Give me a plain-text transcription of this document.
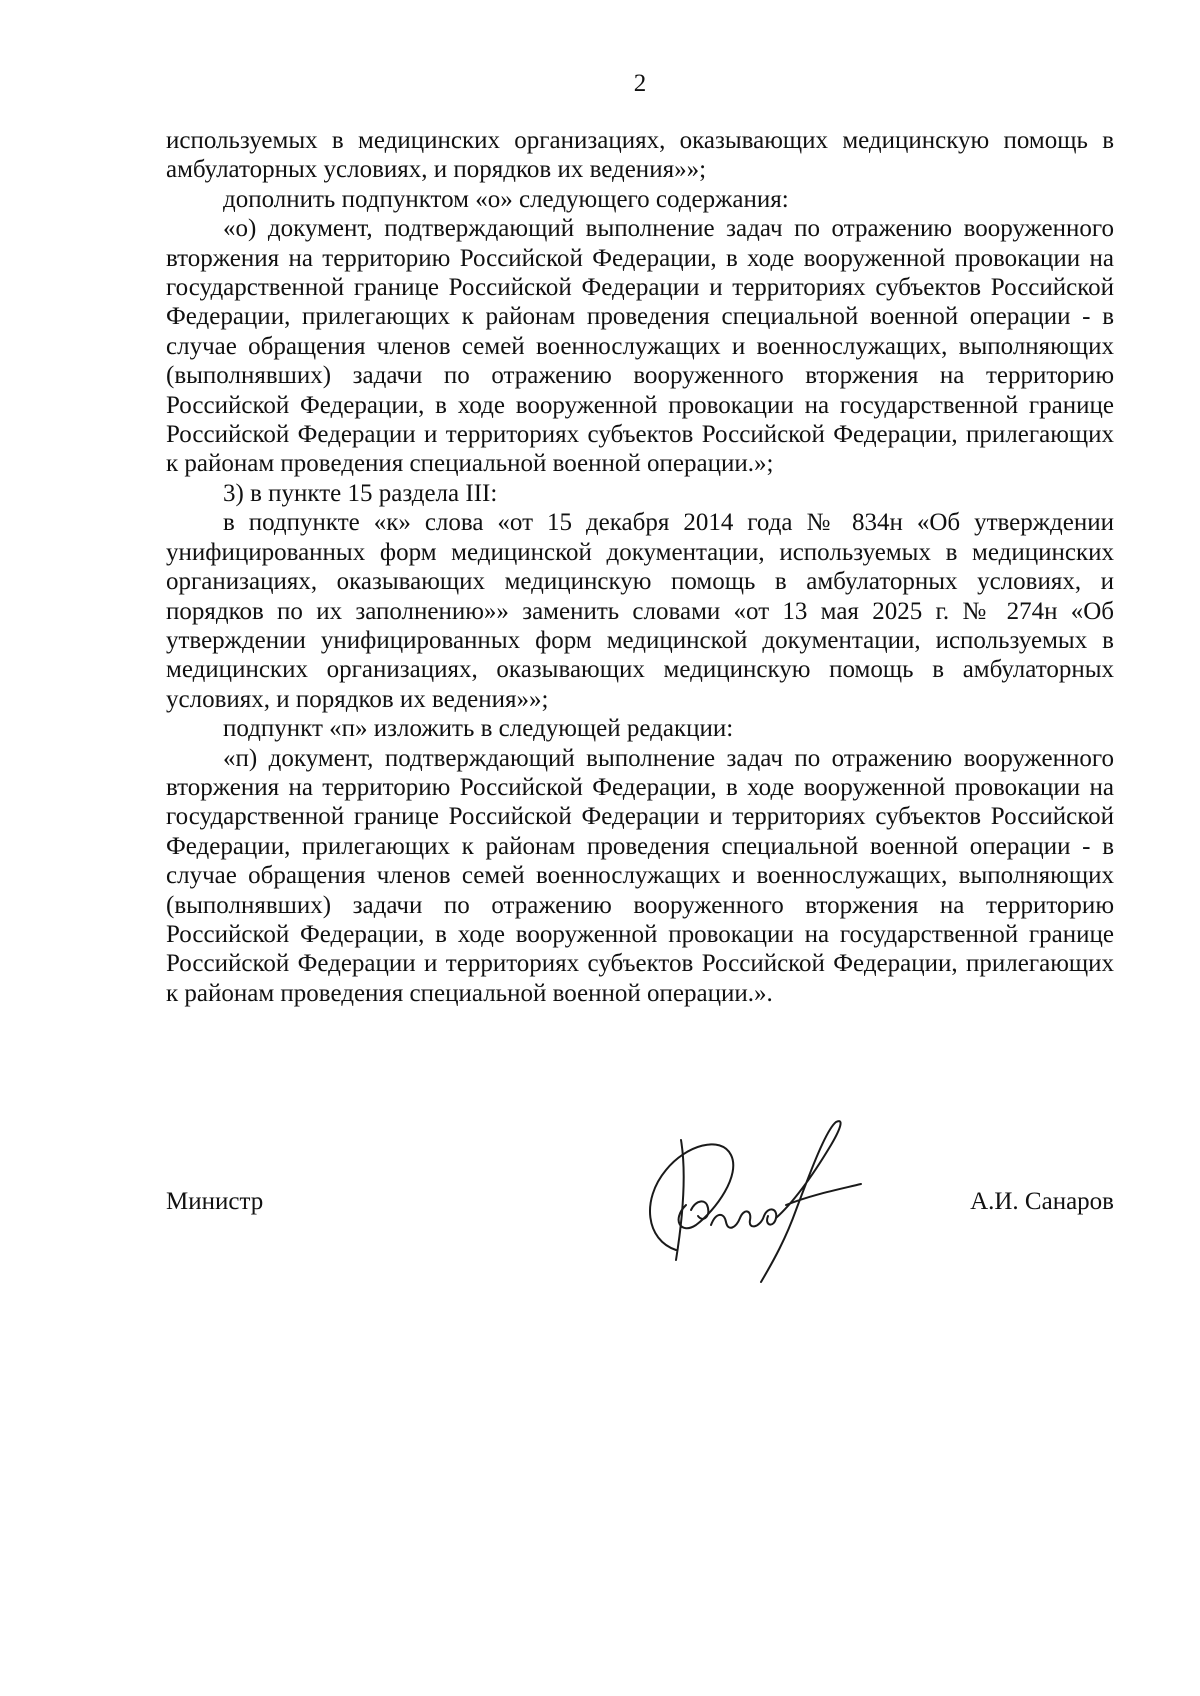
2

используемых в медицинских организациях, оказывающих медицинскую помощь в амбулаторных условиях, и порядков их ведения»»;

дополнить подпунктом «о» следующего содержания:

«о) документ, подтверждающий выполнение задач по отражению вооруженного вторжения на территорию Российской Федерации, в ходе вооруженной провокации на государственной границе Российской Федерации и территориях субъектов Российской Федерации, прилегающих к районам проведения специальной военной операции - в случае обращения членов семей военнослужащих и военнослужащих, выполняющих (выполнявших) задачи по отражению вооруженного вторжения на территорию Российской Федерации, в ходе вооруженной провокации на государственной границе Российской Федерации и территориях субъектов Российской Федерации, прилегающих к районам проведения специальной военной операции.»;

3) в пункте 15 раздела III:

в подпункте «к» слова «от 15 декабря 2014 года № 834н «Об утверждении унифицированных форм медицинской документации, используемых в медицинских организациях, оказывающих медицинскую помощь в амбулаторных условиях, и порядков по их заполнению»» заменить словами «от 13 мая 2025 г. № 274н «Об утверждении унифицированных форм медицинской документации, используемых в медицинских организациях, оказывающих медицинскую помощь в амбулаторных условиях, и порядков их ведения»»;

подпункт «п» изложить в следующей редакции:

«п) документ, подтверждающий выполнение задач по отражению вооруженного вторжения на территорию Российской Федерации, в ходе вооруженной провокации на государственной границе Российской Федерации и территориях субъектов Российской Федерации, прилегающих к районам проведения специальной военной операции - в случае обращения членов семей военнослужащих и военнослужащих, выполняющих (выполнявших) задачи по отражению вооруженного вторжения на территорию Российской Федерации, в ходе вооруженной провокации на государственной границе Российской Федерации и территориях субъектов Российской Федерации, прилегающих к районам проведения специальной военной операции.».

Министр	А.И. Санаров
